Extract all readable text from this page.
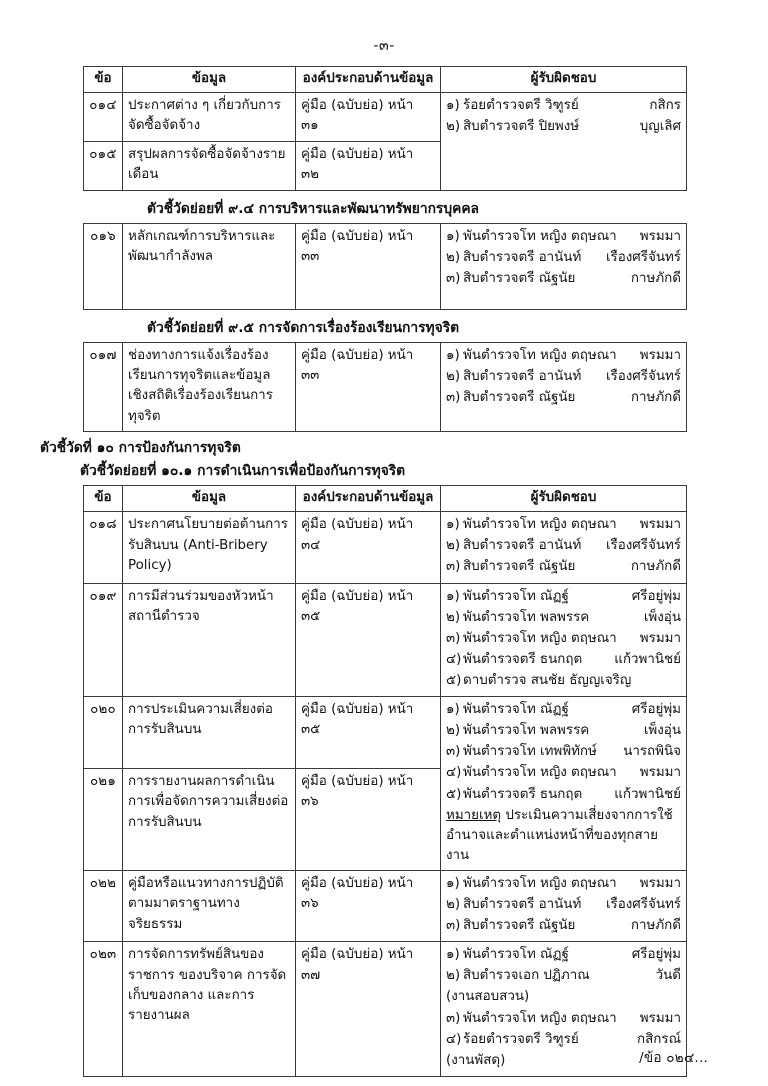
-๓-
ข้อ	ข้อมูล	องค์ประกอบด้านข้อมูล	ผู้รับผิดชอบ
๐๑๔	ประกาศต่าง ๆ เกี่ยวกับการจัดซื้อจัดจ้าง	คู่มือ (ฉบับย่อ) หน้า ๓๑	
๑) ร้อยตำรวจตรี วิฑูรย์	กสิกร
๒) สิบตำรวจตรี ปิยพงษ์	บุญเลิศ

๐๑๕	สรุปผลการจัดซื้อจัดจ้างรายเดือน	คู่มือ (ฉบับย่อ) หน้า ๓๒	
ตัวชี้วัดย่อยที่ ๙.๔ การบริหารและพัฒนาทรัพยากรบุคคล
๐๑๖	หลักเกณฑ์การบริหารและพัฒนากำลังพล	คู่มือ (ฉบับย่อ) หน้า ๓๓	
๑) พันตำรวจโท หญิง ตฤษณา	พรมมา
๒) สิบตำรวจตรี อานันท์	เรืองศรีจันทร์
๓) สิบตำรวจตรี ณัฐนัย	กาษภักดี
ตัวชี้วัดย่อยที่ ๙.๕ การจัดการเรื่องร้องเรียนการทุจริต
๐๑๗	ช่องทางการแจ้งเรื่องร้องเรียนการทุจริตและข้อมูลเชิงสถิติเรื่องร้องเรียนการทุจริต	คู่มือ (ฉบับย่อ) หน้า ๓๓	
๑) พันตำรวจโท หญิง ตฤษณา	พรมมา
๒) สิบตำรวจตรี อานันท์	เรืองศรีจันทร์
๓) สิบตำรวจตรี ณัฐนัย	กาษภักดี
ตัวชี้วัดที่ ๑๐ การป้องกันการทุจริต
ตัวชี้วัดย่อยที่ ๑๐.๑ การดำเนินการเพื่อป้องกันการทุจริต
ข้อ	ข้อมูล	องค์ประกอบด้านข้อมูล	ผู้รับผิดชอบ
๐๑๘	ประกาศนโยบายต่อต้านการรับสินบน (Anti-Bribery Policy)	คู่มือ (ฉบับย่อ) หน้า ๓๔	
๑) พันตำรวจโท หญิง ตฤษณา	พรมมา
๒) สิบตำรวจตรี อานันท์	เรืองศรีจันทร์
๓) สิบตำรวจตรี ณัฐนัย	กาษภักดี

๐๑๙	การมีส่วนร่วมของหัวหน้าสถานีตำรวจ	คู่มือ (ฉบับย่อ) หน้า ๓๕	
๑) พันตำรวจโท ณัฏฐ์	ศรีอยู่พุ่ม
๒) พันตำรวจโท พลพรรค	เพ็งอุ่น
๓) พันตำรวจโท หญิง ตฤษณา	พรมมา
๔) พันตำรวจตรี ธนกฤต	แก้วพานิชย์
๕) ดาบตำรวจ สนชัย ธัญญเจริญ

๐๒๐	การประเมินความเสี่ยงต่อการรับสินบน	คู่มือ (ฉบับย่อ) หน้า ๓๕	
๑) พันตำรวจโท ณัฏฐ์	ศรีอยู่พุ่ม
๒) พันตำรวจโท พลพรรค	เพ็งอุ่น
๓) พันตำรวจโท เทพพิทักษ์	นารถพินิจ
๔) พันตำรวจโท หญิง ตฤษณา	พรมมา
๕) พันตำรวจตรี ธนกฤต	แก้วพานิชย์
หมายเหตุ ประเมินความเสี่ยงจากการใช้อำนาจและตำแหน่งหน้าที่ของทุกสายงาน

๐๒๑	การรายงานผลการดำเนินการเพื่อจัดการความเสี่ยงต่อการรับสินบน	คู่มือ (ฉบับย่อ) หน้า ๓๖	
๐๒๒	คู่มือหรือแนวทางการปฏิบัติตามมาตราฐานทางจริยธรรม	คู่มือ (ฉบับย่อ) หน้า ๓๖	
๑) พันตำรวจโท หญิง ตฤษณา	พรมมา
๒) สิบตำรวจตรี อานันท์	เรืองศรีจันทร์
๓) สิบตำรวจตรี ณัฐนัย	กาษภักดี

๐๒๓	การจัดการทรัพย์สินของราชการ ของบริจาค การจัดเก็บของกลาง และการรายงานผล	คู่มือ (ฉบับย่อ) หน้า ๓๗	
๑) พันตำรวจโท ณัฏฐ์	ศรีอยู่พุ่ม
๒) สิบตำรวจเอก ปฏิภาณ	วันดี
(งานสอบสวน)
๓) พันตำรวจโท หญิง ตฤษณา	พรมมา
๔) ร้อยตำรวจตรี วิฑูรย์	กสิกรณ์
(งานพัสดุ)	/ข้อ ๐๒๔...
